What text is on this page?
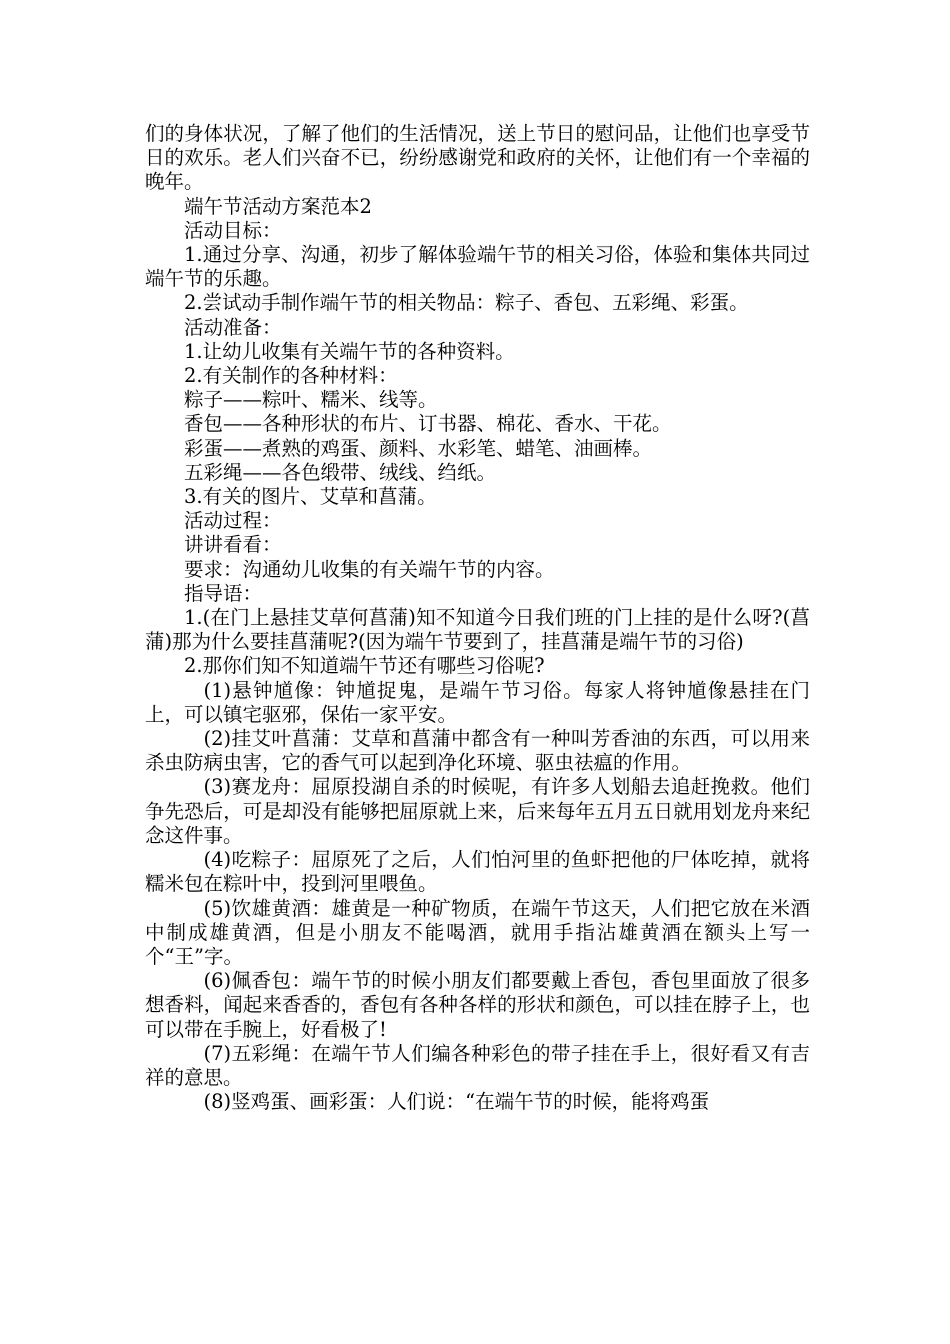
们的身体状况，了解了他们的生活情况，送上节日的慰问品，让他们也享受节日的欢乐。老人们兴奋不已，纷纷感谢党和政府的关怀，让他们有一个幸福的晚年。

端午节活动方案范本2

活动目标：

1.通过分享、沟通，初步了解体验端午节的相关习俗，体验和集体共同过端午节的乐趣。

2.尝试动手制作端午节的相关物品：粽子、香包、五彩绳、彩蛋。

活动准备：

1.让幼儿收集有关端午节的各种资料。

2.有关制作的各种材料：

粽子——粽叶、糯米、线等。

香包——各种形状的布片、订书器、棉花、香水、干花。

彩蛋——煮熟的鸡蛋、颜料、水彩笔、蜡笔、油画棒。

五彩绳——各色缎带、绒线、绉纸。

3.有关的图片、艾草和菖蒲。

活动过程：

讲讲看看：

要求：沟通幼儿收集的有关端午节的内容。

指导语：

1.(在门上悬挂艾草何菖蒲)知不知道今日我们班的门上挂的是什么呀?(菖蒲)那为什么要挂菖蒲呢?(因为端午节要到了，挂菖蒲是端午节的习俗)

2.那你们知不知道端午节还有哪些习俗呢?

(1)悬钟馗像：钟馗捉鬼，是端午节习俗。每家人将钟馗像悬挂在门上，可以镇宅驱邪，保佑一家平安。

(2)挂艾叶菖蒲：艾草和菖蒲中都含有一种叫芳香油的东西，可以用来杀虫防病虫害，它的香气可以起到净化环境、驱虫祛瘟的作用。

(3)赛龙舟：屈原投湖自杀的时候呢，有许多人划船去追赶挽救。他们争先恐后，可是却没有能够把屈原就上来，后来每年五月五日就用划龙舟来纪念这件事。

(4)吃粽子：屈原死了之后，人们怕河里的鱼虾把他的尸体吃掉，就将糯米包在粽叶中，投到河里喂鱼。

(5)饮雄黄酒：雄黄是一种矿物质，在端午节这天，人们把它放在米酒中制成雄黄酒，但是小朋友不能喝酒，就用手指沾雄黄酒在额头上写一个“王”字。

(6)佩香包：端午节的时候小朋友们都要戴上香包，香包里面放了很多想香料，闻起来香香的，香包有各种各样的形状和颜色，可以挂在脖子上，也可以带在手腕上，好看极了!

(7)五彩绳：在端午节人们编各种彩色的带子挂在手上，很好看又有吉祥的意思。

(8)竖鸡蛋、画彩蛋：人们说：“在端午节的时候，能将鸡蛋
